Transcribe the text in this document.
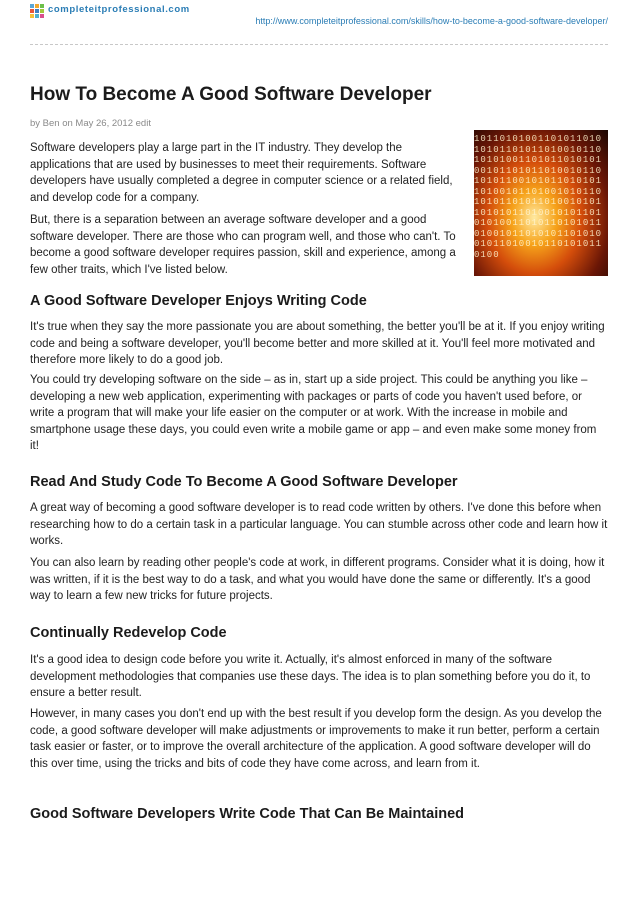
completeitprofessional.com
http://www.completeitprofessional.com/skills/how-to-become-a-good-software-developer/
How To Become A Good Software Developer
by Ben on May 26, 2012 edit

Software developers play a large part in the IT industry. They develop the applications that are used by businesses to meet their requirements. Software developers have usually completed a degree in computer science or a related field, and develop code for a company.

But, there is a separation between an average software developer and a good software developer. There are those who can program well, and those who can't. To become a good software developer requires passion, skill and experience, among a few other traits, which I've listed below.

10110101001101011010101011010110100101101010100110101101010100101101011010010110101011001010110101011010010110100101011010101101011010010101101010110100101011010101001101011010101101001011010101101010010110100101101010110100
A Good Software Developer Enjoys Writing Code

It's true when they say the more passionate you are about something, the better you'll be at it. If you enjoy writing code and being a software developer, you'll become better and more skilled at it. You'll feel more motivated and therefore more likely to do a good job.

You could try developing software on the side – as in, start up a side project. This could be anything you like – developing a new web application, experimenting with packages or parts of code you haven't used before, or write a program that will make your life easier on the computer or at work. With the increase in mobile and smartphone usage these days, you could even write a mobile game or app – and even make some money from it!

Read And Study Code To Become A Good Software Developer

A great way of becoming a good software developer is to read code written by others. I've done this before when researching how to do a certain task in a particular language. You can stumble across other code and learn how it works.

You can also learn by reading other people's code at work, in different programs. Consider what it is doing, how it was written, if it is the best way to do a task, and what you would have done the same or differently. It's a good way to learn a few new tricks for future projects.

Continually Redevelop Code

It's a good idea to design code before you write it. Actually, it's almost enforced in many of the software development methodologies that companies use these days. The idea is to plan something before you do it, to ensure a better result.

However, in many cases you don't end up with the best result if you develop form the design. As you develop the code, a good software developer will make adjustments or improvements to make it run better, perform a certain task easier or faster, or to improve the overall architecture of the application. A good software developer will do this over time, using the tricks and bits of code they have come across, and learn from it.

Good Software Developers Write Code That Can Be Maintained
